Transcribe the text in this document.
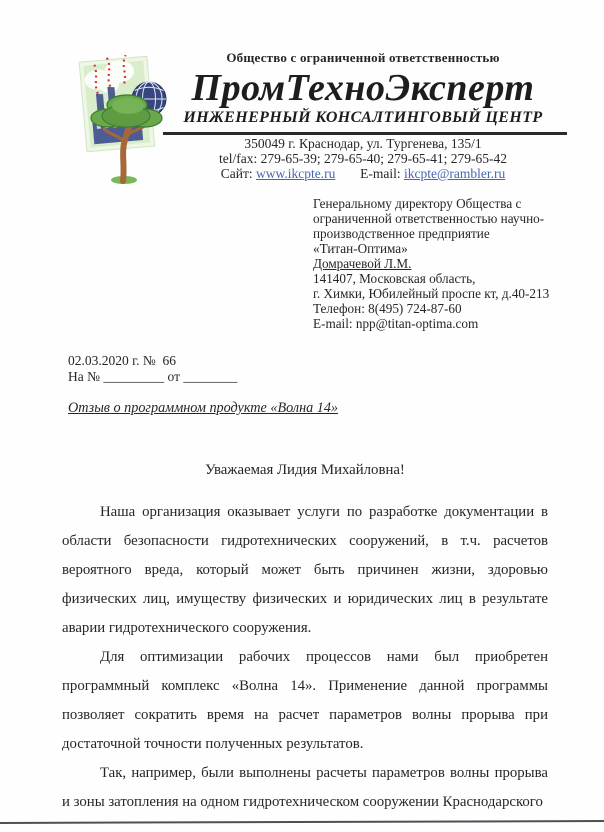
Общество с ограниченной ответственностью
ПромТехноЭксперт
ИНЖЕНЕРНЫЙ КОНСАЛТИНГОВЫЙ ЦЕНТР
350049 г. Краснодар, ул. Тургенева, 135/1
tel/fax: 279-65-39; 279-65-40; 279-65-41; 279-65-42
Сайт: www.ikcpte.ru E-mail: ikcpte@rambler.ru
Генеральному директору Общества с
ограниченной ответственностью научно-
производственное предприятие
«Титан-Оптима»
Домрачевой Л.М.
141407, Московская область,
г. Химки, Юбилейный проспе кт, д.40-213
Телефон: 8(495) 724-87-60
E-mail: npp@titan-optima.com
02.03.2020 г. №  66
На № _________ от ________
Отзыв о программном продукте «Волна 14»
Уважаемая Лидия Михайловна!

Наша организация оказывает услуги по разработке документации в области безопасности гидротехнических сооружений, в т.ч. расчетов вероятного вреда, который может быть причинен жизни, здоровью физических лиц, имуществу физических и юридических лиц в результате аварии гидротехнического сооружения.

Для оптимизации рабочих процессов нами был приобретен программный комплекс «Волна 14». Применение данной программы позволяет сократить время на расчет параметров волны прорыва при достаточной точности полученных результатов.

Так, например, были выполнены расчеты параметров волны прорыва и зоны затопления на одном гидротехническом сооружении Краснодарского
